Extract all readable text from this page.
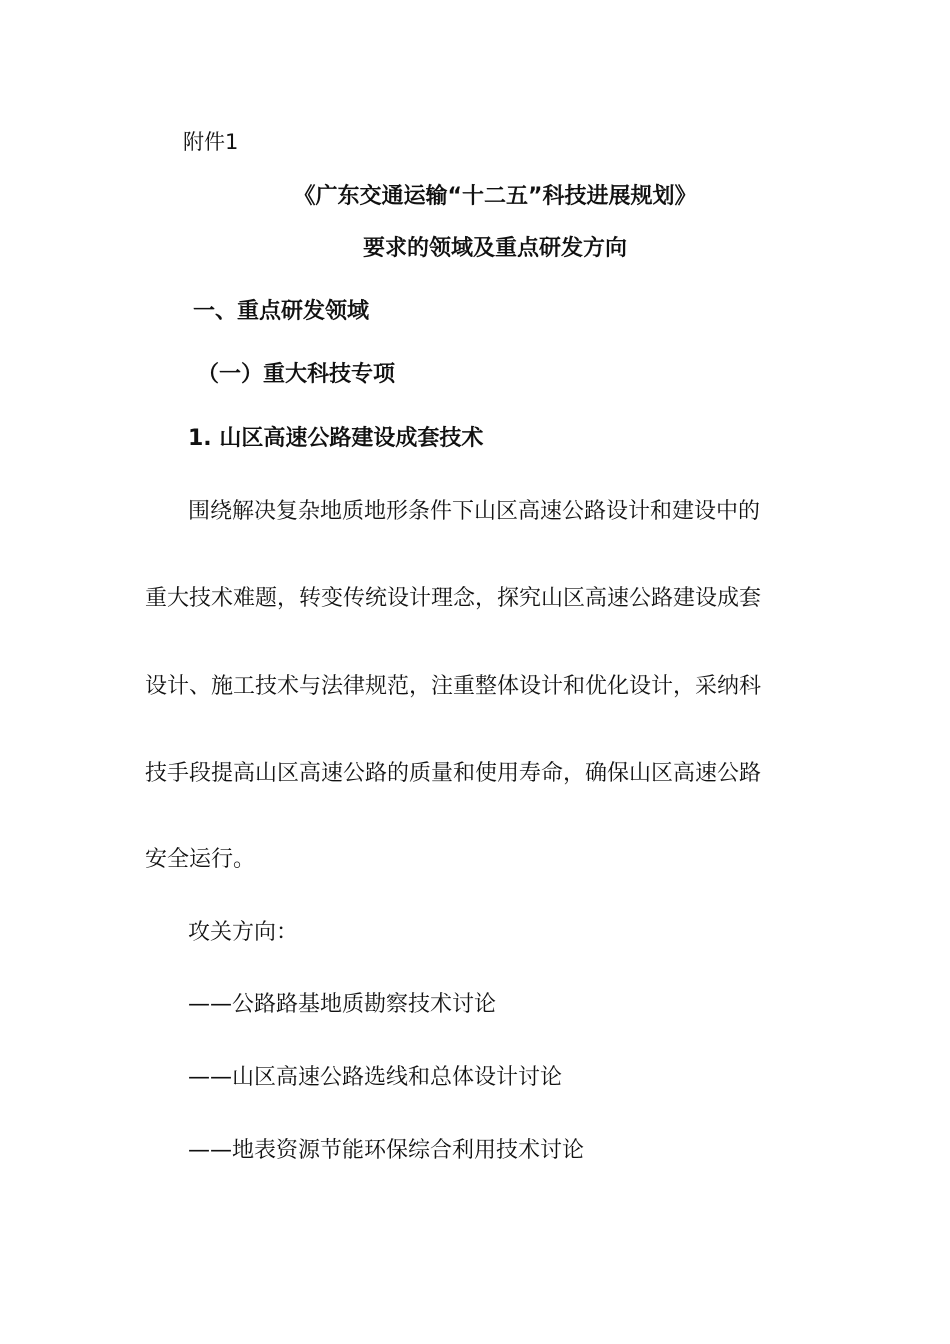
附件1
《广东交通运输“十二五”科技进展规划》
要求的领域及重点研发方向
一、重点研发领域
（一）重大科技专项
1. 山区高速公路建设成套技术
围绕解决复杂地质地形条件下山区高速公路设计和建设中的
重大技术难题，转变传统设计理念，探究山区高速公路建设成套
设计、施工技术与法律规范，注重整体设计和优化设计，采纳科
技手段提高山区高速公路的质量和使用寿命，确保山区高速公路
安全运行。
攻关方向：
——公路路基地质勘察技术讨论
——山区高速公路选线和总体设计讨论
——地表资源节能环保综合利用技术讨论
